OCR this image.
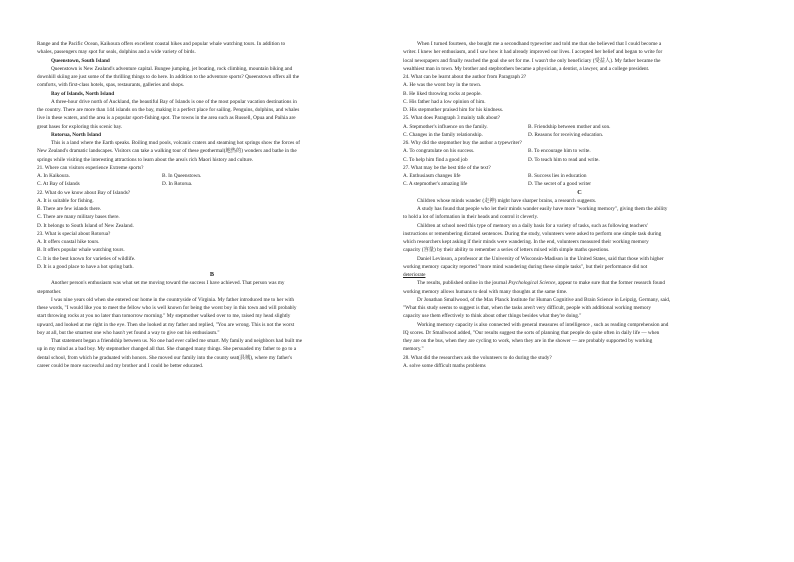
Range and the Pacific Ocean, Kaikoura offers excellent coastal hikes and popular whale watching tours. In addition to
whales, passengers may spot fur seals, dolphins and a wide variety of birds.
Queenstown, South Island
Queenstown is New Zealand's adventure capital. Bungee jumping, jet boating, rock climbing, mountain biking and
downhill skiing are just some of the thrilling things to do here. In addition to the adventure sports? Queenstown offers all the
comforts, with first-class hotels, spas, restaurants, galleries and shops.
Bay of Islands, North Island
A three-hour drive north of Auckland, the beautiful Bay of Islands is one of the most popular vacation destinations in
the country. There are more than 144 islands on the bay, making it a perfect place for sailing. Penguins, dolphins, and whales
live in these waters, and the area is a popular sport-fishing spot. The towns in the area such as Russell, Opua and Paihia are
great bases for exploring this scenic bay.
Rotorua, North Island
This is a land where the Earth speaks. Boiling mud pools, volcanic craters and steaming hot springs show the forces of
New Zealand's dramatic landscapes. Visitors can take a walking tour of these geothermal(地热的) wonders and bathe in the
springs while visiting the interesting attractions to learn about the area's rich Maori history and culture.
21. Where can visitors experience Extreme sports?
A. In Kaikoura.	B. In Queenstown.
C. At Bay of Islands	D. In Rotorua.
22. What do we know about Bay of Islands?
A. It is suitable for fishing.
B. There are few islands there.
C. There are many military bases there.
D. It belongs to South Island of New Zealand.
23. What is special about Rotorua?
A. It offers coastal hike tours.
B. It offers popular whale watching tours.
C. It is the best known for varieties of wildlife.
D. It is a good place to have a hot spring bath.
B
Another person's enthusiasm was what set me moving toward the success I have achieved. That person was my
stepmother.
I was nine years old when she entered our home in the countryside of Virginia. My father introduced me to her with
these words, "I would like you to meet the fellow who is well known for being the worst boy in this town and will probably
start throwing rocks at you no later than tomorrow morning." My stepmother walked over to me, raised my head slightly
upward, and looked at me right in the eye. Then she looked at my father and replied, "You are wrong. This is not the worst
boy at all, but the smartest one who hasn't yet found a way to give out his enthusiasm."
That statement began a friendship between us. No one had ever called me smart. My family and neighbors had built me
up in my mind as a bad boy. My stepmother changed all that. She changed many things. She persuaded my father to go to a
dental school, from which he graduated with honors. She moved our family into the county seat(县城), where my father's
career could be more successful and my brother and I could be better educated.
When I turned fourteen, she bought me a secondhand typewriter and told me that she believed that I could become a
writer. I knew her enthusiasm, and I saw how it had already improved our lives. I accepted her belief and began to write for
local newspapers and finally reached the goal she set for me. I wasn't the only beneficiary (受益人). My father became the
wealthiest man in town. My brother and stepbrothers became a physician, a dentist, a lawyer, and a college president.
24. What can be learnt about the author from Paragraph 2?
A. He was the worst boy in the town.
B. He liked throwing rocks at people.
C. His father had a low opinion of him.
D. His stepmother praised him for his kindness.
25. What does Paragraph 3 mainly talk about?
A. Stepmother's influence on the family.	B. Friendship between mother and son.
C. Changes in the family relationship.	D. Reasons for receiving education.
26. Why did the stepmother buy the author a typewriter?
A. To congratulate on his success.	B. To encourage him to write.
C. To help him find a good job	D. To teach him to read and write.
27. What may be the best title of the text?
A. Enthusiasm changes life	B. Success lies in education
C. A stepmother's amazing life	D. The secret of a good writer
C
Children whose minds wander (走神) might have sharper brains, a research suggests.
A study has found that people who let their minds wander easily have more "working memory", giving them the ability
to hold a lot of information in their heads and control it cleverly.
Children at school need this type of memory on a daily basis for a variety of tasks, such as following teachers'
instructions or remembering dictated sentences. During the study, volunteers were asked to perform one simple task during
which researchers kept asking if their minds were wandering. In the end, volunteers measured their working memory
capacity (容量) by their ability to remember a series of letters mixed with simple maths questions.
Daniel Levinson, a professor at the University of Wisconsin-Madison in the United States, said that those with higher
working memory capacity reported "more mind wandering during these simple tasks", but their performance did not
deteriorate
The results, published online in the journal Psychological Science, appear to make sure that the former research found
working memory allows humans to deal with many thoughts at the same time.
Dr Jonathan Smallwood, of the Max Planck Institute for Human Cognitive and Brain Science in Leipzig, Germany, said,
"What this study seems to suggest is that, when the tasks aren't very difficult, people with additional working memory
capacity use them effectively to think about other things besides what they're doing."
Working memory capacity is also connected with general measures of intelligence , such as reading comprehension and
IQ scores. Dr Smallwood added, "Our results suggest the sorts of planning that people do quite often in daily life — when
they are on the bus, when they are cycling to work, when they are in the shower — are probably supported by working
memory."
28. What did the researchers ask the volunteers to do during the study?
A. solve some difficult maths problems
